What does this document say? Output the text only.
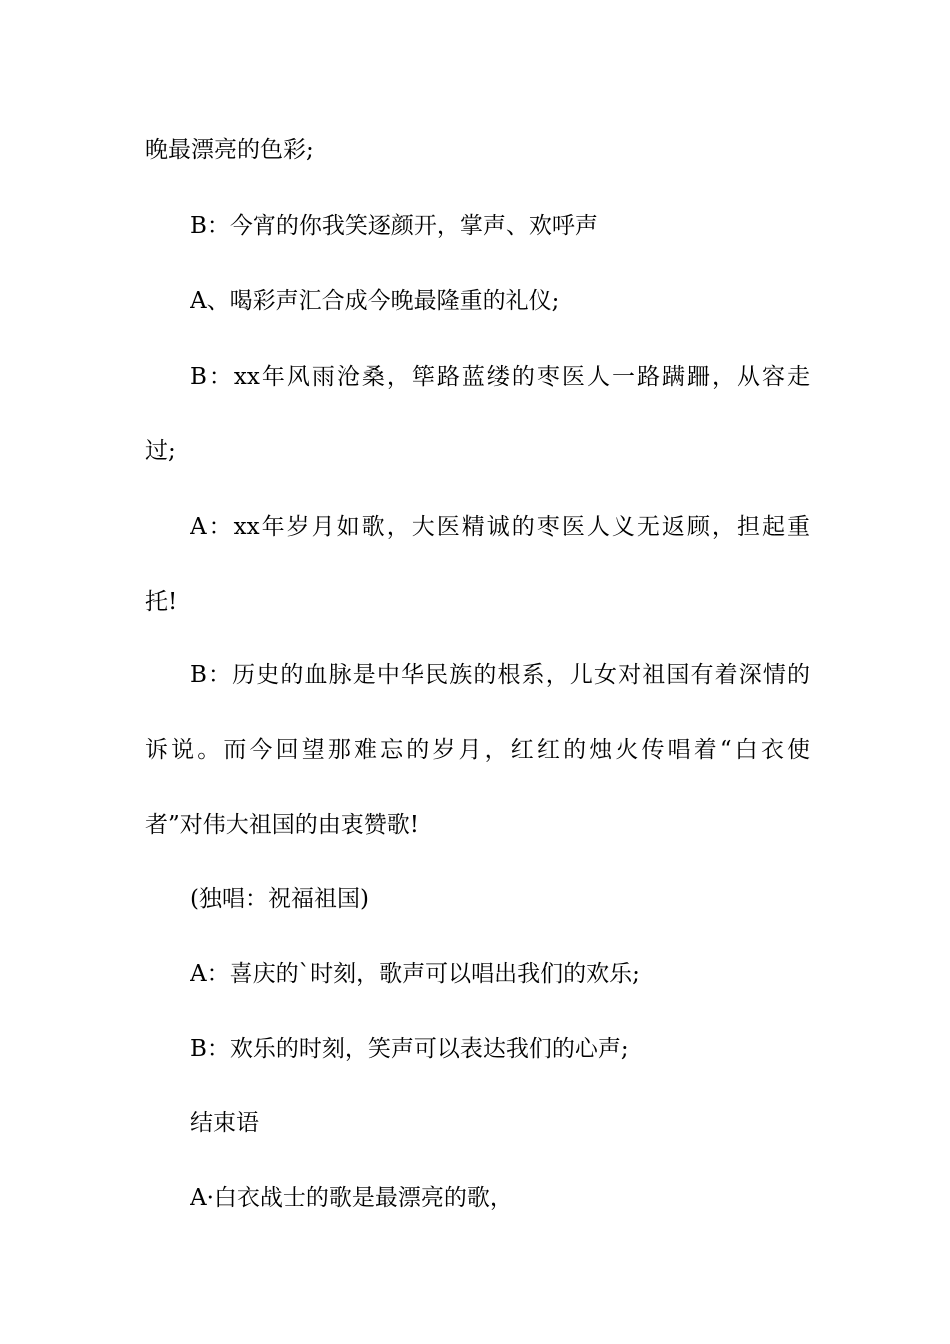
晚最漂亮的色彩;

B：今宵的你我笑逐颜开，掌声、欢呼声

A、喝彩声汇合成今晚最隆重的礼仪;

B：xx年风雨沧桑，筚路蓝缕的枣医人一路蹒跚，从容走

过;

A：xx年岁月如歌，大医精诚的枣医人义无返顾，担起重

托!

B：历史的血脉是中华民族的根系，儿女对祖国有着深情的

诉说。而今回望那难忘的岁月，红红的烛火传唱着“白衣使

者”对伟大祖国的由衷赞歌!

(独唱：祝福祖国)

A：喜庆的`时刻，歌声可以唱出我们的欢乐;

B：欢乐的时刻，笑声可以表达我们的心声;

结束语

A·白衣战士的歌是最漂亮的歌，
